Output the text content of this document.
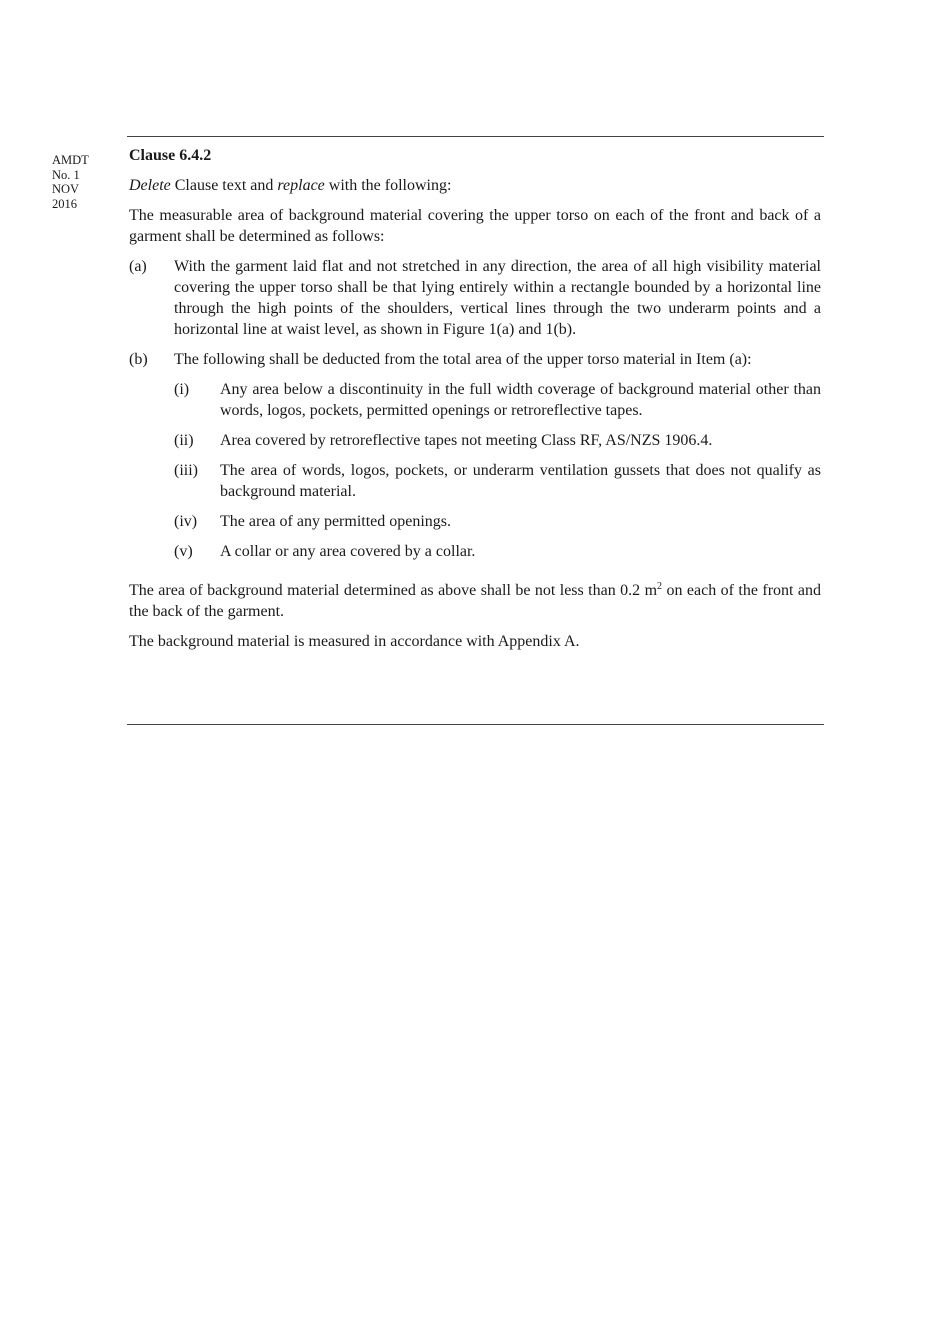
AMDT
No. 1
NOV
2016

Clause 6.4.2

Delete Clause text and replace with the following:

The measurable area of background material covering the upper torso on each of the front and back of a garment shall be determined as follows:

(a)	With the garment laid flat and not stretched in any direction, the area of all high visibility material covering the upper torso shall be that lying entirely within a rectangle bounded by a horizontal line through the high points of the shoulders, vertical lines through the two underarm points and a horizontal line at waist level, as shown in Figure 1(a) and 1(b).
(b)	The following shall be deducted from the total area of the upper torso material in Item (a):
(i)	Any area below a discontinuity in the full width coverage of background material other than words, logos, pockets, permitted openings or retroreflective tapes.
(ii)	Area covered by retroreflective tapes not meeting Class RF, AS/NZS 1906.4.
(iii)	The area of words, logos, pockets, or underarm ventilation gussets that does not qualify as background material.
(iv)	The area of any permitted openings.
(v)	A collar or any area covered by a collar.

The area of background material determined as above shall be not less than 0.2 $m^2$ on each of the front and the back of the garment.

The background material is measured in accordance with Appendix A.
